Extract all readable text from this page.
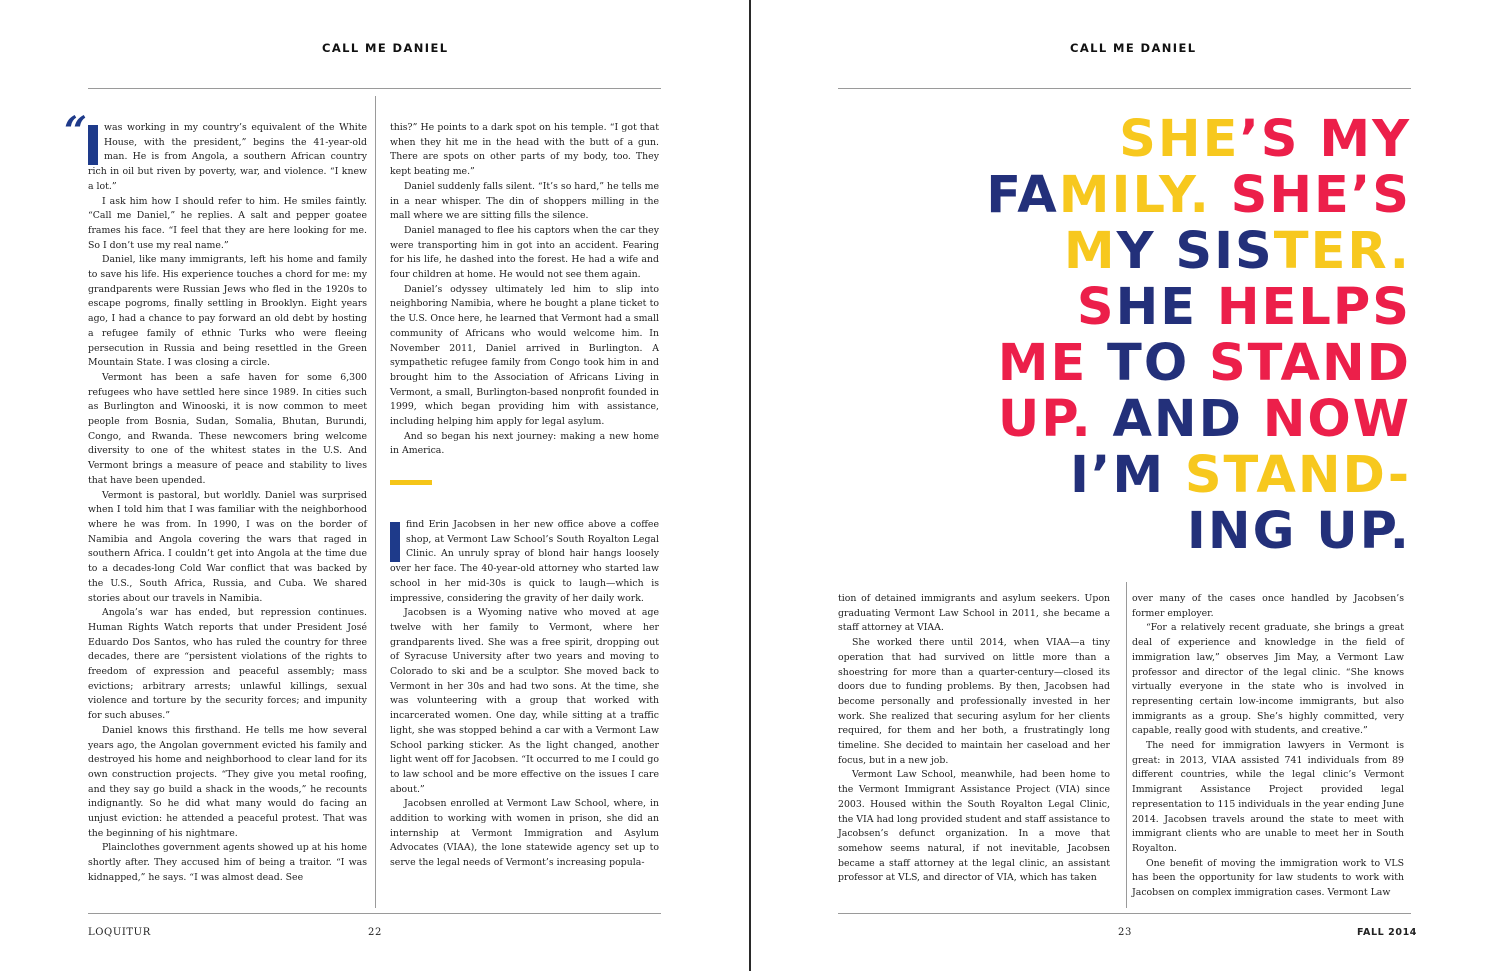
CALL ME DANIEL
“	was working in my country’s equivalent of the White House, with the president,” begins the 41-year-old man. He is from Angola, a southern African country rich in oil but riven by poverty, war, and violence. “I knew a lot.”

I ask him how I should refer to him. He smiles faintly. “Call me Daniel,” he replies. A salt and pepper goatee frames his face. “I feel that they are here looking for me. So I don’t use my real name.”

Daniel, like many immigrants, left his home and family to save his life. His experience touches a chord for me: my grandparents were Russian Jews who fled in the 1920s to escape pogroms, finally settling in Brooklyn. Eight years ago, I had a chance to pay forward an old debt by hosting a refugee family of ethnic Turks who were fleeing persecution in Russia and being resettled in the Green Mountain State. I was closing a circle.

Vermont has been a safe haven for some 6,300 refugees who have settled here since 1989. In cities such as Burlington and Winooski, it is now common to meet people from Bosnia, Sudan, Somalia, Bhutan, Burundi, Congo, and Rwanda. These newcomers bring welcome diversity to one of the whitest states in the U.S. And Vermont brings a measure of peace and stability to lives that have been upended.

Vermont is pastoral, but worldly. Daniel was surprised when I told him that I was familiar with the neighborhood where he was from. In 1990, I was on the border of Namibia and Angola covering the wars that raged in southern Africa. I couldn’t get into Angola at the time due to a decades-long Cold War conflict that was backed by the U.S., South Africa, Russia, and Cuba. We shared stories about our travels in Namibia.

Angola’s war has ended, but repression continues. Human Rights Watch reports that under President José Eduardo Dos Santos, who has ruled the country for three decades, there are “persistent violations of the rights to freedom of expression and peaceful assembly; mass evictions; arbitrary arrests; unlawful killings, sexual violence and torture by the security forces; and impunity for such abuses.”

Daniel knows this firsthand. He tells me how several years ago, the Angolan government evicted his family and destroyed his home and neighborhood to clear land for its own construction projects. “They give you metal roofing, and they say go build a shack in the woods,” he recounts indignantly. So he did what many would do facing an unjust eviction: he attended a peaceful protest. That was the beginning of his nightmare.

Plainclothes government agents showed up at his home shortly after. They accused him of being a traitor. “I was kidnapped,” he says. “I was almost dead. See

this?” He points to a dark spot on his temple. “I got that when they hit me in the head with the butt of a gun. There are spots on other parts of my body, too. They kept beating me.”

Daniel suddenly falls silent. “It’s so hard,” he tells me in a near whisper. The din of shoppers milling in the mall where we are sitting fills the silence.

Daniel managed to flee his captors when the car they were transporting him in got into an accident. Fearing for his life, he dashed into the forest. He had a wife and four children at home. He would not see them again.

Daniel’s odyssey ultimately led him to slip into neighboring Namibia, where he bought a plane ticket to the U.S. Once here, he learned that Vermont had a small community of Africans who would welcome him. In November 2011, Daniel arrived in Burlington. A sympathetic refugee family from Congo took him in and brought him to the Association of Africans Living in Vermont, a small, Burlington-based nonprofit founded in 1999, which began providing him with assistance, including helping him apply for legal asylum.

And so began his next journey: making a new home in America.

find Erin Jacobsen in her new office above a coffee shop, at Vermont Law School’s South Royalton Legal Clinic. An unruly spray of blond hair hangs loosely over her face. The 40-year-old attorney who started law school in her mid-30s is quick to laugh—which is impressive, considering the gravity of her daily work.

Jacobsen is a Wyoming native who moved at age twelve with her family to Vermont, where her grandparents lived. She was a free spirit, dropping out of Syracuse University after two years and moving to Colorado to ski and be a sculptor. She moved back to Vermont in her 30s and had two sons. At the time, she was volunteering with a group that worked with incarcerated women. One day, while sitting at a traffic light, she was stopped behind a car with a Vermont Law School parking sticker. As the light changed, another light went off for Jacobsen. “It occurred to me I could go to law school and be more effective on the issues I care about.”

Jacobsen enrolled at Vermont Law School, where, in addition to working with women in prison, she did an internship at Vermont Immigration and Asylum Advocates (VIAA), the lone statewide agency set up to serve the legal needs of Vermont’s increasing popula-

LOQUITUR	22
CALL ME DANIEL
SHE’S MY
FAMILY. SHE’S
MY SISTER.
SHE HELPS
ME TO STAND
UP. AND NOW
I’M STAND-
ING UP.

tion of detained immigrants and asylum seekers. Upon graduating Vermont Law School in 2011, she became a staff attorney at VIAA.

She worked there until 2014, when VIAA—a tiny operation that had survived on little more than a shoestring for more than a quarter-century—closed its doors due to funding problems. By then, Jacobsen had become personally and professionally invested in her work. She realized that securing asylum for her clients required, for them and her both, a frustratingly long timeline. She decided to maintain her caseload and her focus, but in a new job.

Vermont Law School, meanwhile, had been home to the Vermont Immigrant Assistance Project (VIA) since 2003. Housed within the South Royalton Legal Clinic, the VIA had long provided student and staff assistance to Jacobsen’s defunct organization. In a move that somehow seems natural, if not inevitable, Jacobsen became a staff attorney at the legal clinic, an assistant professor at VLS, and director of VIA, which has taken

over many of the cases once handled by Jacobsen’s former employer.

“For a relatively recent graduate, she brings a great deal of experience and knowledge in the field of immigration law,” observes Jim May, a Vermont Law professor and director of the legal clinic. “She knows virtually everyone in the state who is involved in representing certain low-income immigrants, but also immigrants as a group. She’s highly committed, very capable, really good with students, and creative.”

The need for immigration lawyers in Vermont is great: in 2013, VIAA assisted 741 individuals from 89 different countries, while the legal clinic’s Vermont Immigrant Assistance Project provided legal representation to 115 individuals in the year ending June 2014. Jacobsen travels around the state to meet with immigrant clients who are unable to meet her in South Royalton.

One benefit of moving the immigration work to VLS has been the opportunity for law students to work with Jacobsen on complex immigration cases. Vermont Law

23	FALL 2014
